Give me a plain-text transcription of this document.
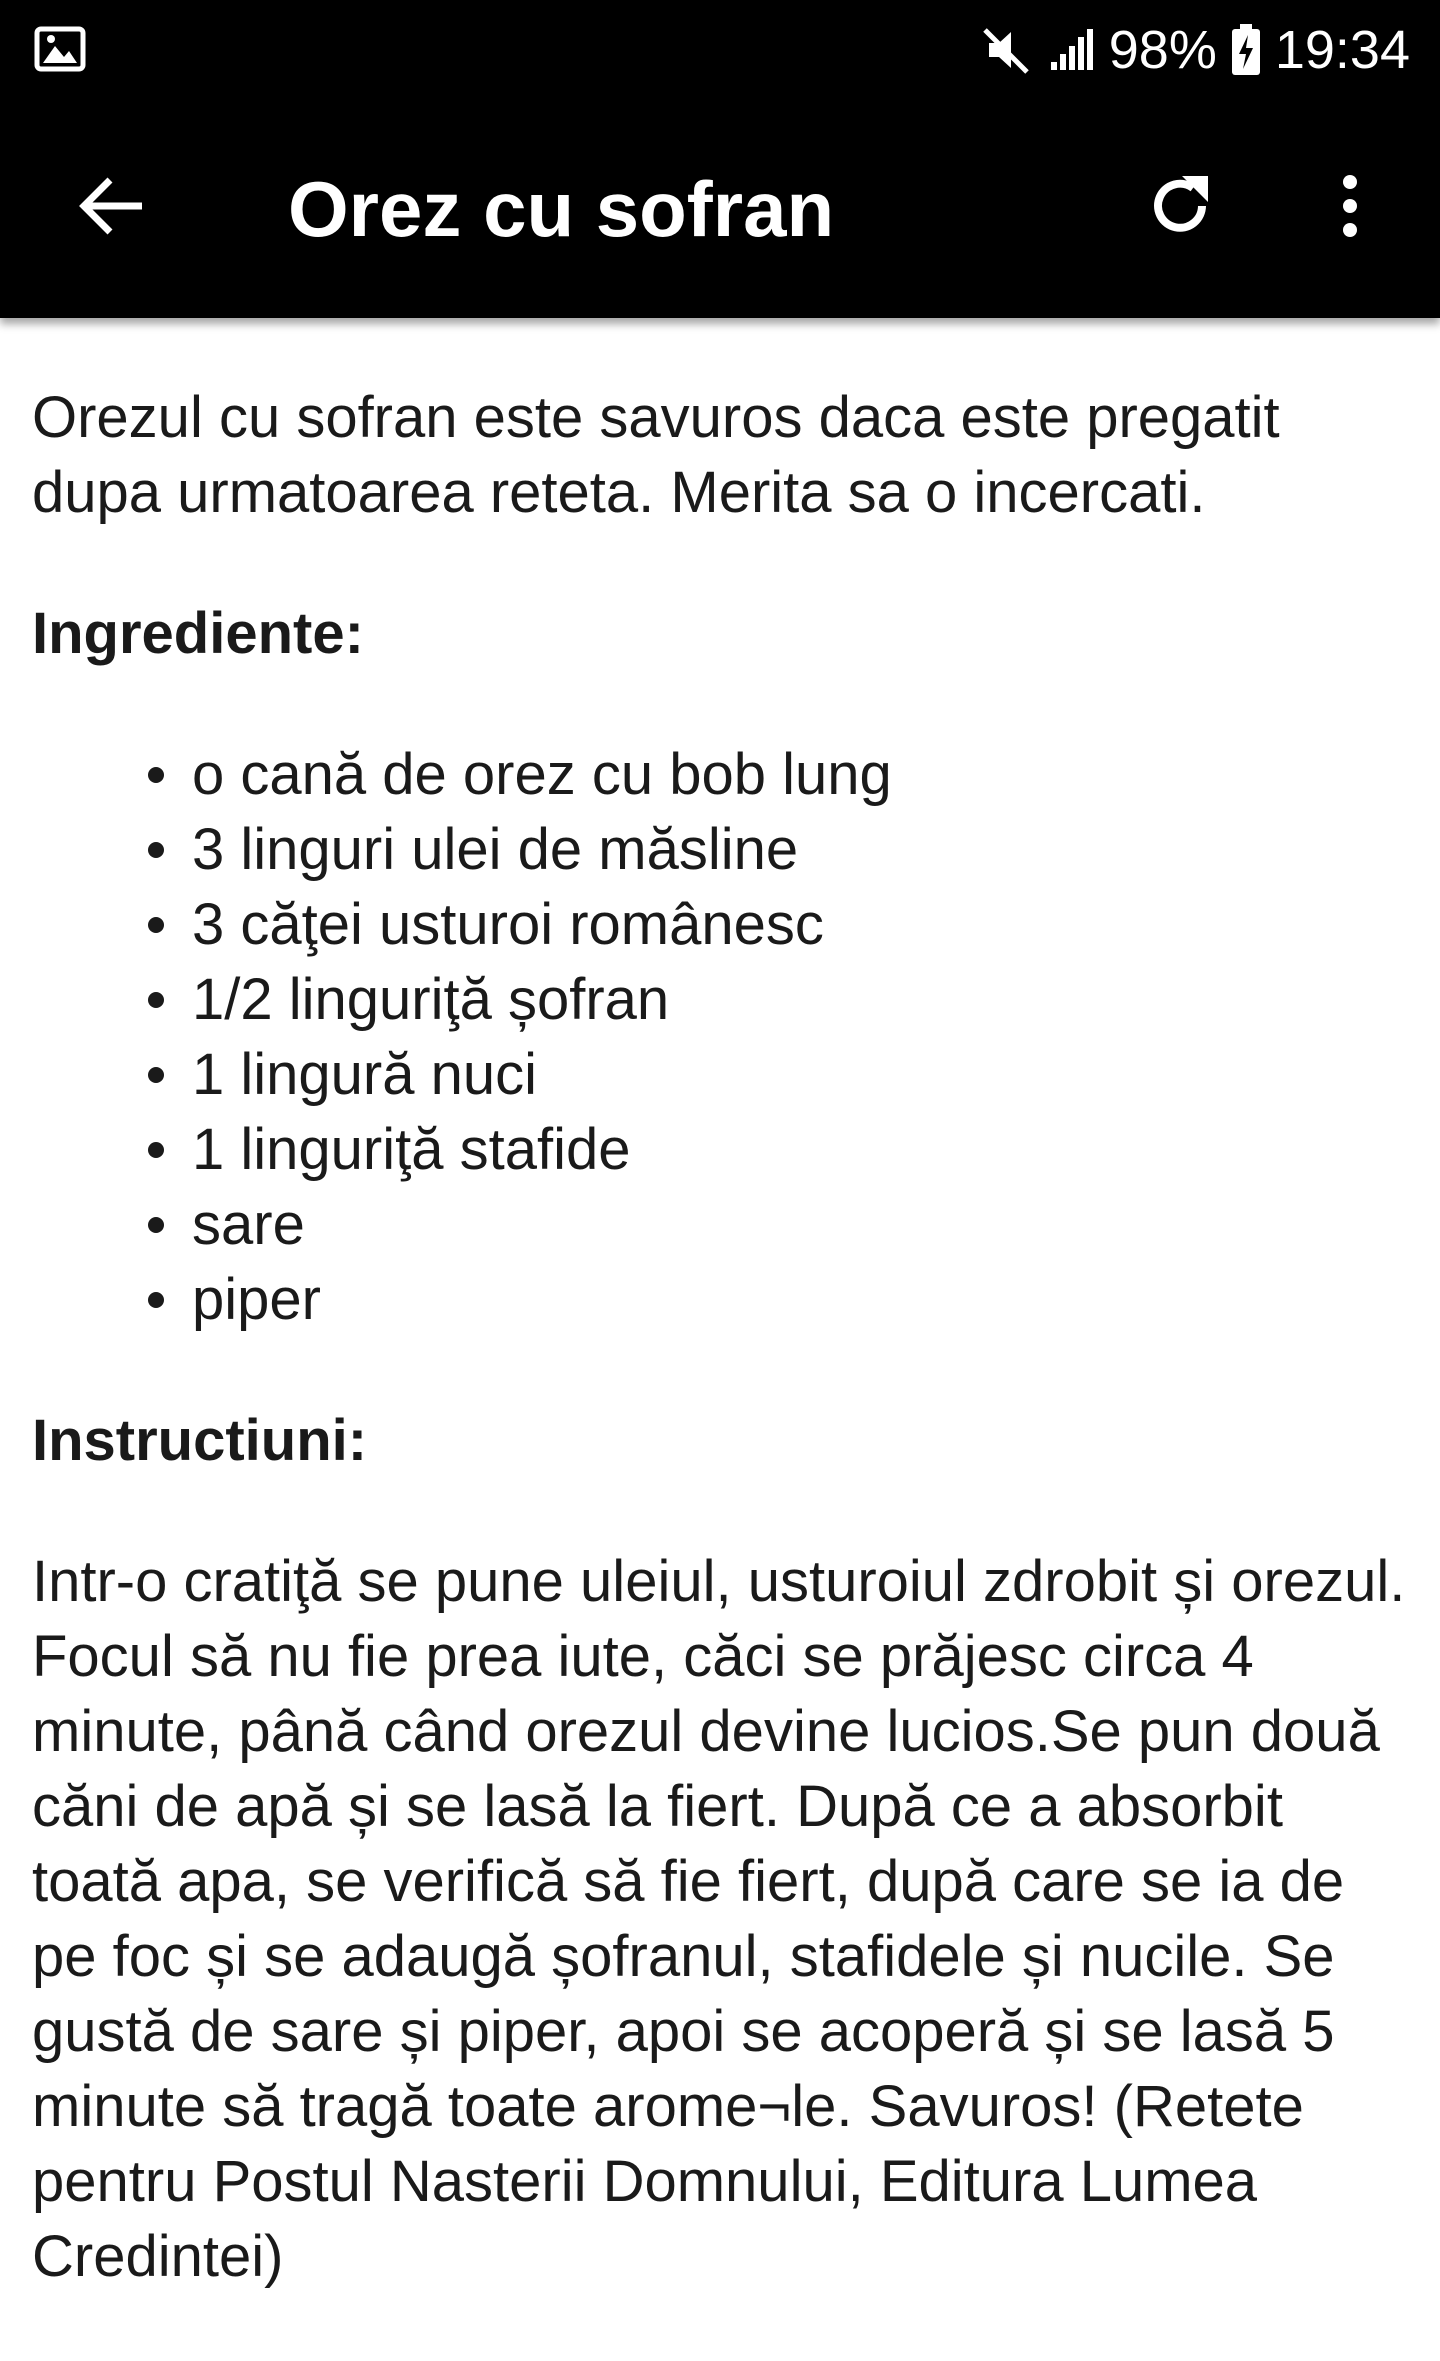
98% 19:34
Orez cu sofran

Orezul cu sofran este savuros daca este pregatit dupa urmatoarea reteta. Merita sa o incercati.

Ingrediente:
o cană de orez cu bob lung
3 linguri ulei de măsline
3 căţei usturoi românesc
1/2 linguriţă șofran
1 lingură nuci
1 linguriţă stafide
sare
piper
Instructiuni:

Intr-o cratiţă se pune uleiul, usturoiul zdrobit și orezul. Focul să nu fie prea iute, căci se prăjesc circa 4 minute, până când orezul devine lucios.Se pun două căni de apă și se lasă la fiert. După ce a absorbit toată apa, se verifică să fie fiert, după care se ia de pe foc și se adaugă șofranul, stafidele și nucile. Se gustă de sare și piper, apoi se acoperă și se lasă 5 minute să tragă toate arome¬le. Savuros! (Retete pentru Postul Nasterii Domnului, Editura Lumea Credintei)
